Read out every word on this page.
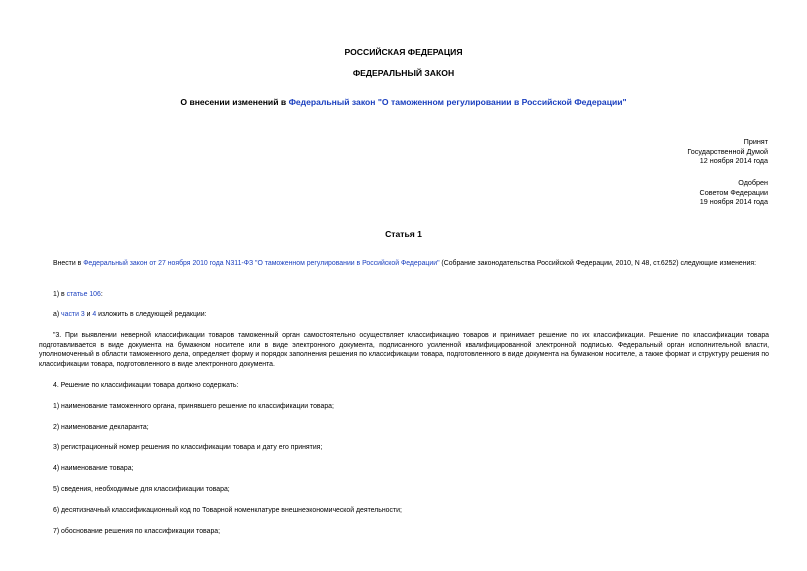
РОССИЙСКАЯ ФЕДЕРАЦИЯ
ФЕДЕРАЛЬНЫЙ ЗАКОН
О внесении изменений в Федеральный закон "О таможенном регулировании в Российской Федерации"
Принят
Государственной Думой
12 ноября 2014 года
Одобрен
Советом Федерации
19 ноября 2014 года
Статья 1
Внести в Федеральный закон от 27 ноября 2010 года N311-ФЗ "О таможенном регулировании в Российской Федерации" (Собрание законодательства Российской Федерации, 2010, N 48, ст.6252) следующие изменения:
1) в статье 106:
а) части 3 и 4 изложить в следующей редакции:
"3. При выявлении неверной классификации товаров таможенный орган самостоятельно осуществляет классификацию товаров и принимает решение по их классификации. Решение по классификации товара подготавливается в виде документа на бумажном носителе или в виде электронного документа, подписанного усиленной квалифицированной электронной подписью. Федеральный орган исполнительной власти, уполномоченный в области таможенного дела, определяет форму и порядок заполнения решения по классификации товара, подготовленного в виде документа на бумажном носителе, а также формат и структуру решения по классификации товара, подготовленного в виде электронного документа.
4. Решение по классификации товара должно содержать:
1) наименование таможенного органа, принявшего решение по классификации товара;
2) наименование декларанта;
3) регистрационный номер решения по классификации товара и дату его принятия;
4) наименование товара;
5) сведения, необходимые для классификации товара;
6) десятизначный классификационный код по Товарной номенклатуре внешнеэкономической деятельности;
7) обоснование решения по классификации товара;
